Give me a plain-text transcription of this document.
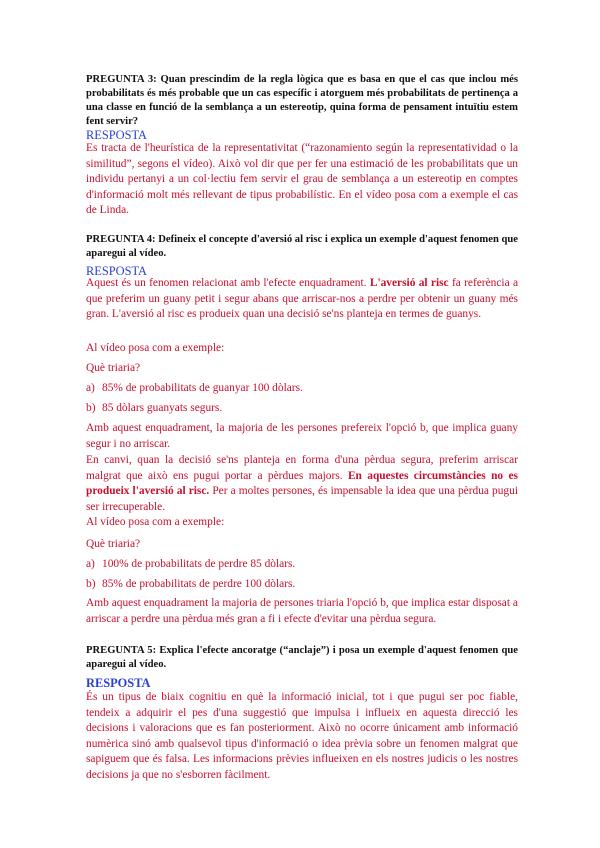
PREGUNTA 3: Quan prescindim de la regla lògica que es basa en que el cas que inclou més probabilitats és més probable que un cas específic i atorguem més probabilitats de pertinença a una classe en funció de la semblança a un estereotip, quina forma de pensament intuïtiu estem fent servir?

RESPOSTA

Es tracta de l'heurística de la representativitat (“razonamiento según la representatividad o la similitud”, segons el vídeo). Això vol dir que per fer una estimació de les probabilitats que un individu pertanyi a un col·lectiu fem servir el grau de semblança a un estereotip en comptes d'informació molt més rellevant de tipus probabilístic. En el vídeo posa com a exemple el cas de Linda.

PREGUNTA 4: Defineix el concepte d'aversió al risc i explica un exemple d'aquest fenomen que aparegui al vídeo.

RESPOSTA

Aquest és un fenomen relacionat amb l'efecte enquadrament. L'aversió al risc fa referència a que preferim un guany petit i segur abans que arriscar-nos a perdre per obtenir un guany més gran. L'aversió al risc es produeix quan una decisió se'ns planteja en termes de guanys.

Al vídeo posa com a exemple:

Què triaria?

a) 85% de probabilitats de guanyar 100 dòlars.

b) 85 dòlars guanyats segurs.

Amb aquest enquadrament, la majoria de les persones prefereix l'opció b, que implica guany segur i no arriscar.

En canvi, quan la decisió se'ns planteja en forma d'una pèrdua segura, preferim arriscar malgrat que això ens pugui portar a pèrdues majors. En aquestes circumstàncies no es produeix l'aversió al risc. Per a moltes persones, és impensable la idea que una pèrdua pugui ser irrecuperable.

Al vídeo posa com a exemple:

Què triaria?

a) 100% de probabilitats de perdre 85 dòlars.

b) 85% de probabilitats de perdre 100 dòlars.

Amb aquest enquadrament la majoria de persones triaria l'opció b, que implica estar disposat a arriscar a perdre una pèrdua més gran a fi i efecte d'evitar una pèrdua segura.

PREGUNTA 5: Explica l'efecte ancoratge (“anclaje”) i posa un exemple d'aquest fenomen que aparegui al vídeo.

RESPOSTA

És un tipus de biaix cognitiu en què la informació inicial, tot i que pugui ser poc fiable, tendeix a adquirir el pes d'una suggestió que impulsa i influeix en aquesta direcció les decisions i valoracions que es fan posteriorment. Això no ocorre únicament amb informació numèrica sinó amb qualsevol tipus d'informació o idea prèvia sobre un fenomen malgrat que sapiguem que és falsa. Les informacions prèvies influeixen en els nostres judicis o les nostres decisions ja que no s'esborren fàcilment.
